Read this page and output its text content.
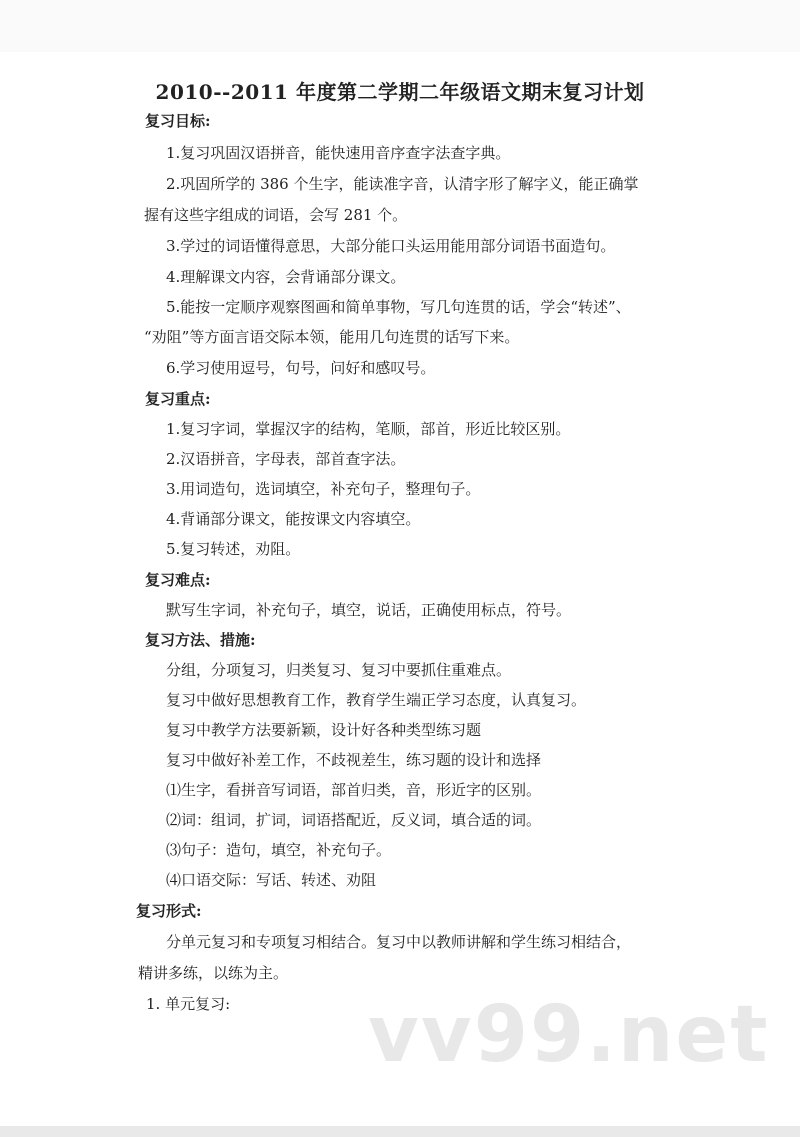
2010--2011 年度第二学期二年级语文期末复习计划
复习目标:
1.复习巩固汉语拼音，能快速用音序查字法查字典。
2.巩固所学的 386 个生字，能读准字音，认清字形了解字义，能正确掌
握有这些字组成的词语，会写 281 个。
3.学过的词语懂得意思，大部分能口头运用能用部分词语书面造句。
4.理解课文内容，会背诵部分课文。
5.能按一定顺序观察图画和简单事物，写几句连贯的话，学会“转述”、
“劝阻”等方面言语交际本领，能用几句连贯的话写下来。
6.学习使用逗号，句号，问好和感叹号。
复习重点:
1.复习字词，掌握汉字的结构，笔顺，部首，形近比较区别。
2.汉语拼音，字母表，部首查字法。
3.用词造句，选词填空，补充句子，整理句子。
4.背诵部分课文，能按课文内容填空。
5.复习转述，劝阻。
复习难点:
默写生字词，补充句子，填空，说话，正确使用标点，符号。
复习方法、措施:
分组，分项复习，归类复习、复习中要抓住重难点。
复习中做好思想教育工作，教育学生端正学习态度，认真复习。
复习中教学方法要新颖，设计好各种类型练习题
复习中做好补差工作，不歧视差生，练习题的设计和选择
⑴生字，看拼音写词语，部首归类，音，形近字的区别。
⑵词：组词，扩词，词语搭配近，反义词，填合适的词。
⑶句子：造句，填空，补充句子。
⑷口语交际：写话、转述、劝阻
复习形式:
分单元复习和专项复习相结合。复习中以教师讲解和学生练习相结合，
精讲多练，以练为主。
1. 单元复习: vv99.net
